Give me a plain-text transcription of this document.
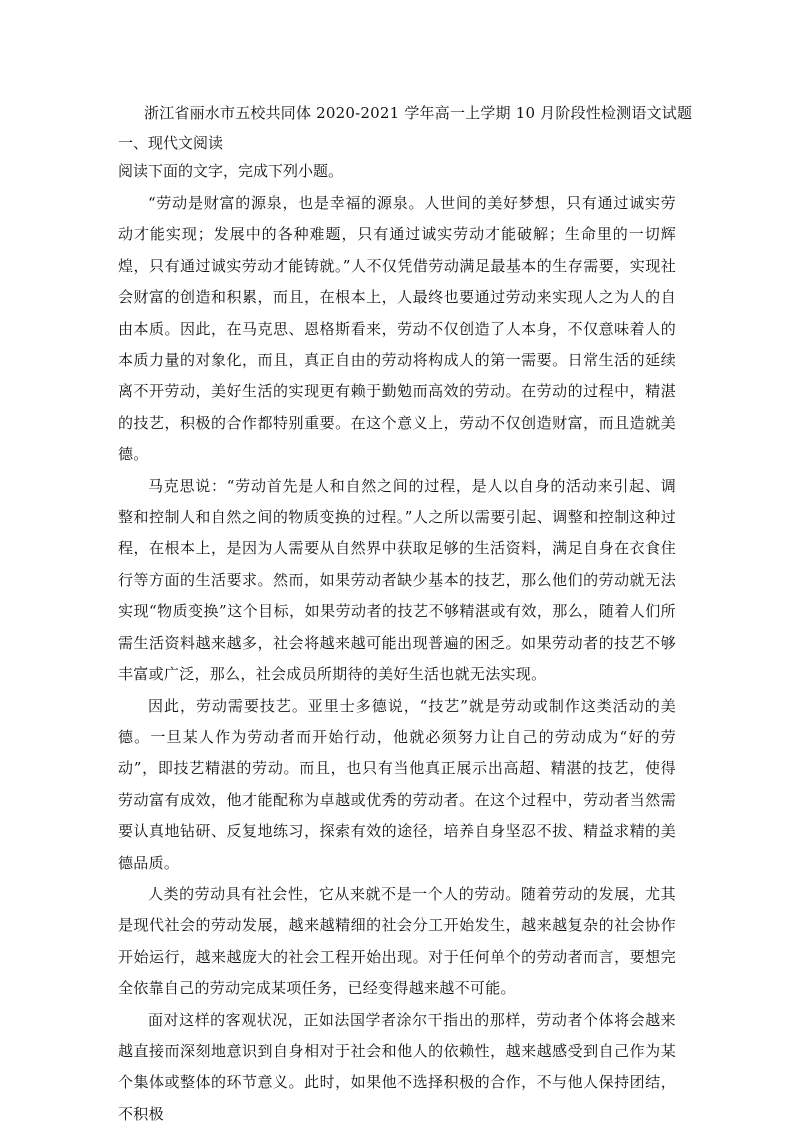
浙江省丽水市五校共同体 2020-2021 学年高一上学期 10 月阶段性检测语文试题
一、现代文阅读
阅读下面的文字，完成下列小题。

“劳动是财富的源泉，也是幸福的源泉。人世间的美好梦想，只有通过诚实劳动才能实现；发展中的各种难题，只有通过诚实劳动才能破解；生命里的一切辉煌，只有通过诚实劳动才能铸就。”人不仅凭借劳动满足最基本的生存需要，实现社会财富的创造和积累，而且，在根本上，人最终也要通过劳动来实现人之为人的自由本质。因此，在马克思、恩格斯看来，劳动不仅创造了人本身，不仅意味着人的本质力量的对象化，而且，真正自由的劳动将构成人的第一需要。日常生活的延续离不开劳动，美好生活的实现更有赖于勤勉而高效的劳动。在劳动的过程中，精湛的技艺，积极的合作都特别重要。在这个意义上，劳动不仅创造财富，而且造就美德。

马克思说：“劳动首先是人和自然之间的过程，是人以自身的活动来引起、调整和控制人和自然之间的物质变换的过程。”人之所以需要引起、调整和控制这种过程，在根本上，是因为人需要从自然界中获取足够的生活资料，满足自身在衣食住行等方面的生活要求。然而，如果劳动者缺少基本的技艺，那么他们的劳动就无法实现“物质变换”这个目标，如果劳动者的技艺不够精湛或有效，那么，随着人们所需生活资料越来越多，社会将越来越可能出现普遍的困乏。如果劳动者的技艺不够丰富或广泛，那么，社会成员所期待的美好生活也就无法实现。

因此，劳动需要技艺。亚里士多德说，“技艺”就是劳动或制作这类活动的美德。一旦某人作为劳动者而开始行动，他就必须努力让自己的劳动成为“好的劳动”，即技艺精湛的劳动。而且，也只有当他真正展示出高超、精湛的技艺，使得劳动富有成效，他才能配称为卓越或优秀的劳动者。在这个过程中，劳动者当然需要认真地钻研、反复地练习，探索有效的途径，培养自身坚忍不拔、精益求精的美德品质。

人类的劳动具有社会性，它从来就不是一个人的劳动。随着劳动的发展，尤其是现代社会的劳动发展，越来越精细的社会分工开始发生，越来越复杂的社会协作开始运行，越来越庞大的社会工程开始出现。对于任何单个的劳动者而言，要想完全依靠自己的劳动完成某项任务，已经变得越来越不可能。

面对这样的客观状况，正如法国学者涂尔干指出的那样，劳动者个体将会越来越直接而深刻地意识到自身相对于社会和他人的依赖性，越来越感受到自己作为某个集体或整体的环节意义。此时，如果他不选择积极的合作，不与他人保持团结，不积极
